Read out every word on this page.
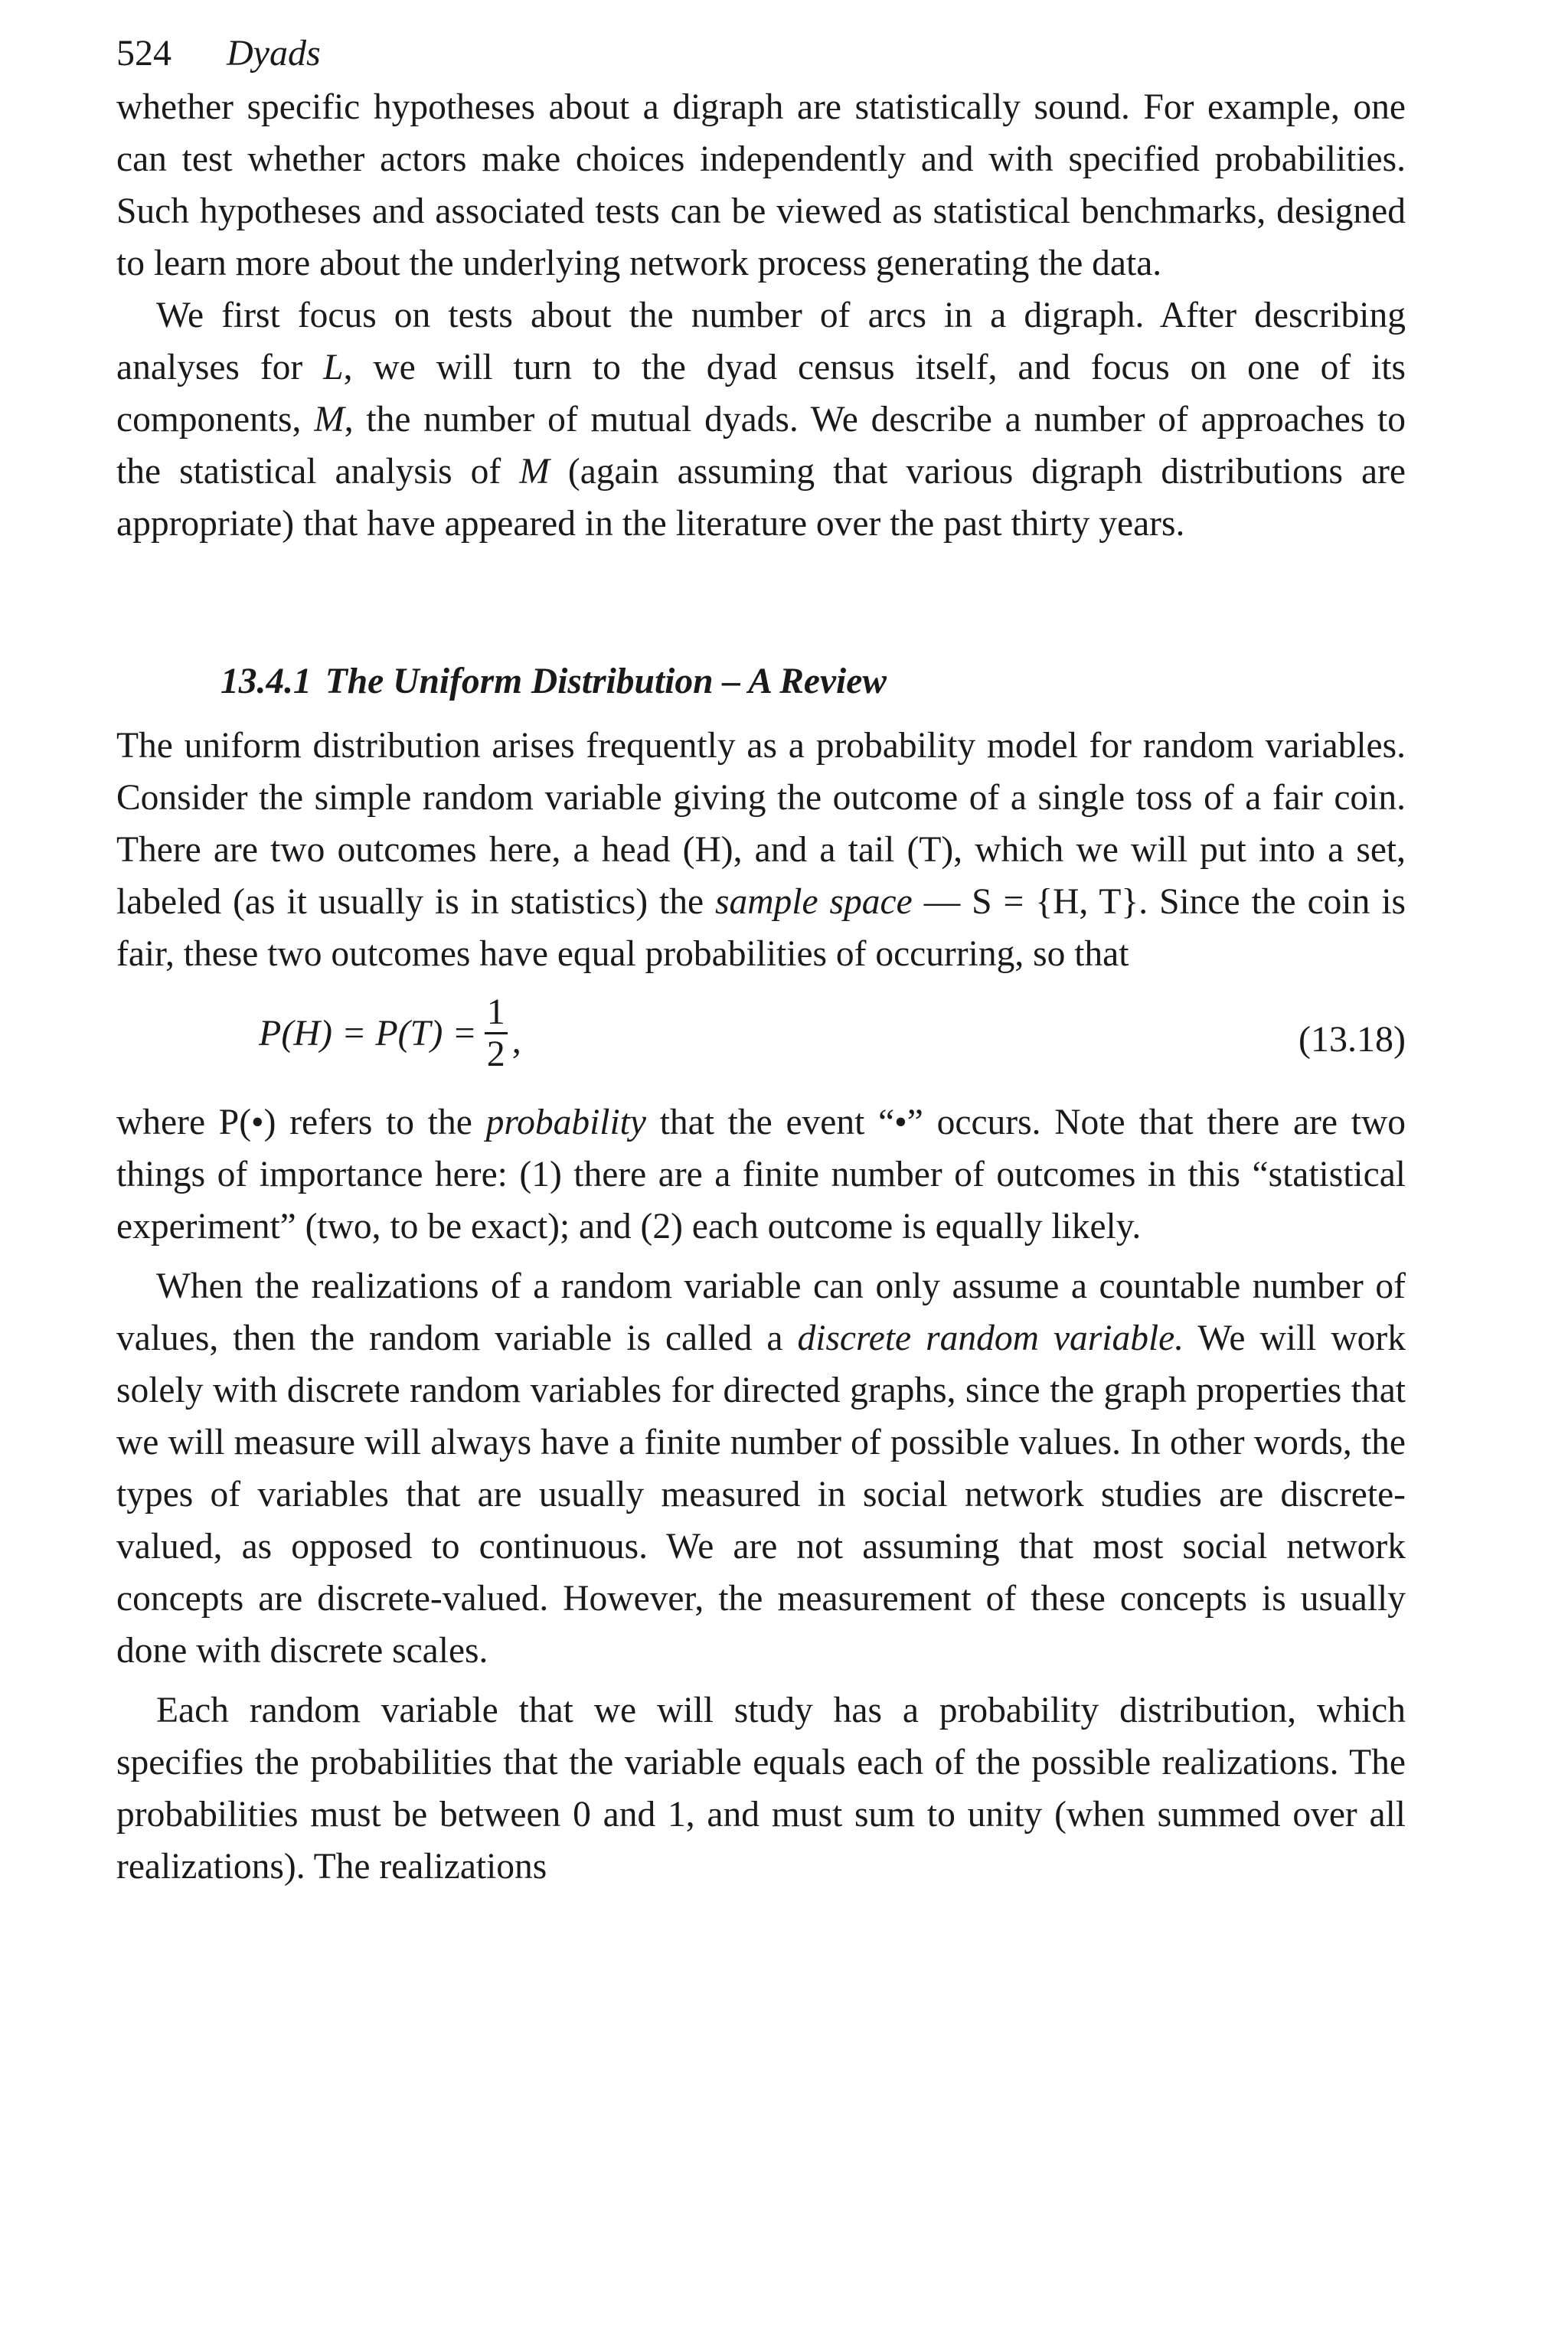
524 Dyads

whether specific hypotheses about a digraph are statistically sound. For example, one can test whether actors make choices independently and with specified probabilities. Such hypotheses and associated tests can be viewed as statistical benchmarks, designed to learn more about the underlying network process generating the data.

We first focus on tests about the number of arcs in a digraph. After describing analyses for L, we will turn to the dyad census itself, and focus on one of its components, M, the number of mutual dyads. We describe a number of approaches to the statistical analysis of M (again assuming that various digraph distributions are appropriate) that have appeared in the literature over the past thirty years.

13.4.1 The Uniform Distribution – A Review

The uniform distribution arises frequently as a probability model for random variables. Consider the simple random variable giving the outcome of a single toss of a fair coin. There are two outcomes here, a head (H), and a tail (T), which we will put into a set, labeled (as it usually is in statistics) the sample space — S = {H, T}. Since the coin is fair, these two outcomes have equal probabilities of occurring, so that

$P(H) = P(T) = \frac{1}{2}$ ,	(13.18)

where P(•) refers to the probability that the event “•” occurs. Note that there are two things of importance here: (1) there are a finite number of outcomes in this “statistical experiment” (two, to be exact); and (2) each outcome is equally likely.

When the realizations of a random variable can only assume a countable number of values, then the random variable is called a discrete random variable. We will work solely with discrete random variables for directed graphs, since the graph properties that we will measure will always have a finite number of possible values. In other words, the types of variables that are usually measured in social network studies are discrete-valued, as opposed to continuous. We are not assuming that most social network concepts are discrete-valued. However, the measurement of these concepts is usually done with discrete scales.

Each random variable that we will study has a probability distribution, which specifies the probabilities that the variable equals each of the possible realizations. The probabilities must be between 0 and 1, and must sum to unity (when summed over all realizations). The realizations
